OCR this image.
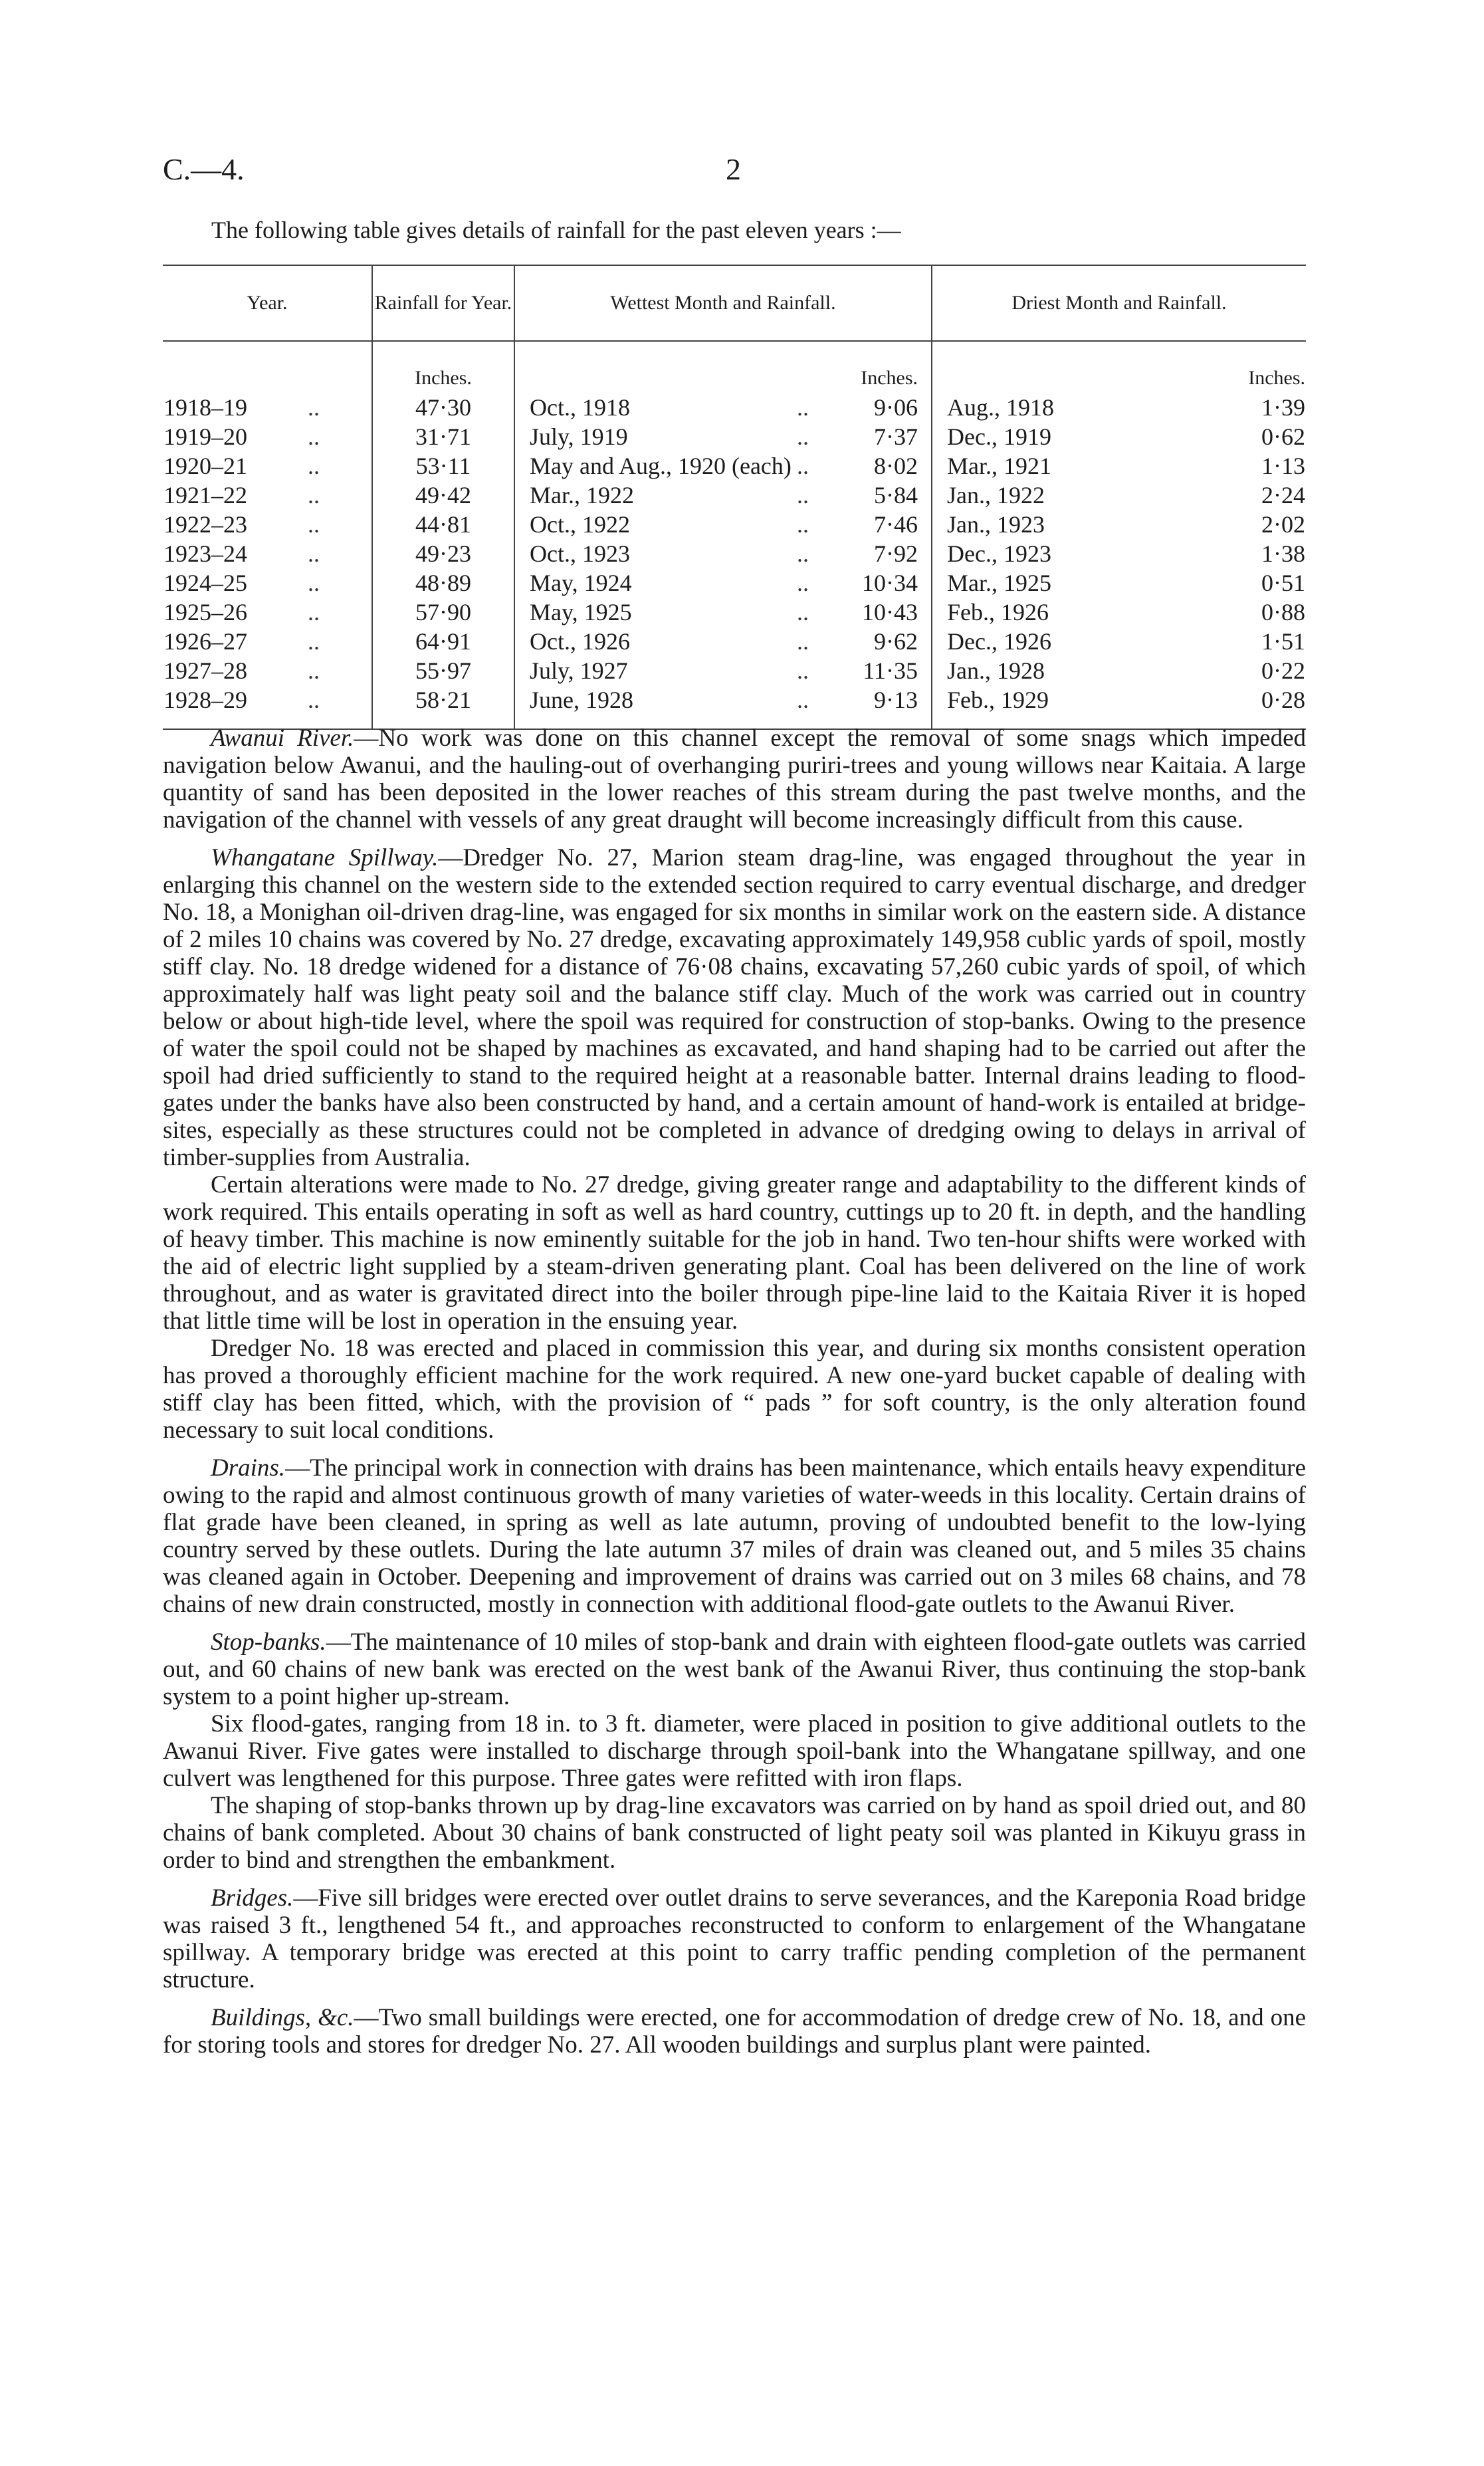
C.—4.	2
The following table gives details of rainfall for the past eleven years :—
Year.		Rainfall for Year.	Wettest Month and Rainfall.			Driest Month and Rainfall.	
		Inches.			Inches.		Inches.
1918–19	..	47·30	Oct., 1918	..	9·06	Aug., 1918	1·39
1919–20	..	31·71	July, 1919	..	7·37	Dec., 1919	0·62
1920–21	..	53·11	May and Aug., 1920 (each)	..	8·02	Mar., 1921	1·13
1921–22	..	49·42	Mar., 1922	..	5·84	Jan., 1922	2·24
1922–23	..	44·81	Oct., 1922	..	7·46	Jan., 1923	2·02
1923–24	..	49·23	Oct., 1923	..	7·92	Dec., 1923	1·38
1924–25	..	48·89	May, 1924	..	10·34	Mar., 1925	0·51
1925–26	..	57·90	May, 1925	..	10·43	Feb., 1926	0·88
1926–27	..	64·91	Oct., 1926	..	9·62	Dec., 1926	1·51
1927–28	..	55·97	July, 1927	..	11·35	Jan., 1928	0·22
1928–29	..	58·21	June, 1928	..	9·13	Feb., 1929	0·28

Awanui River.—No work was done on this channel except the removal of some snags which impeded navigation below Awanui, and the hauling-out of overhanging puriri-trees and young willows near Kaitaia. A large quantity of sand has been deposited in the lower reaches of this stream during the past twelve months, and the navigation of the channel with vessels of any great draught will become increasingly difficult from this cause.

Whangatane Spillway.—Dredger No. 27, Marion steam drag-line, was engaged throughout the year in enlarging this channel on the western side to the extended section required to carry eventual discharge, and dredger No. 18, a Monighan oil-driven drag-line, was engaged for six months in similar work on the eastern side. A distance of 2 miles 10 chains was covered by No. 27 dredge, excavating approximately 149,958 cublic yards of spoil, mostly stiff clay. No. 18 dredge widened for a distance of 76·08 chains, excavating 57,260 cubic yards of spoil, of which approximately half was light peaty soil and the balance stiff clay. Much of the work was carried out in country below or about high-tide level, where the spoil was required for construction of stop-banks. Owing to the presence of water the spoil could not be shaped by machines as excavated, and hand shaping had to be carried out after the spoil had dried sufficiently to stand to the required height at a reasonable batter. Internal drains leading to flood-gates under the banks have also been constructed by hand, and a certain amount of hand-work is entailed at bridge-sites, especially as these structures could not be completed in advance of dredging owing to delays in arrival of timber-supplies from Australia.

Certain alterations were made to No. 27 dredge, giving greater range and adaptability to the different kinds of work required. This entails operating in soft as well as hard country, cuttings up to 20 ft. in depth, and the handling of heavy timber. This machine is now eminently suitable for the job in hand. Two ten-hour shifts were worked with the aid of electric light supplied by a steam-driven generating plant. Coal has been delivered on the line of work throughout, and as water is gravitated direct into the boiler through pipe-line laid to the Kaitaia River it is hoped that little time will be lost in operation in the ensuing year.

Dredger No. 18 was erected and placed in commission this year, and during six months consistent operation has proved a thoroughly efficient machine for the work required. A new one-yard bucket capable of dealing with stiff clay has been fitted, which, with the provision of “ pads ” for soft country, is the only alteration found necessary to suit local conditions.

Drains.—The principal work in connection with drains has been maintenance, which entails heavy expenditure owing to the rapid and almost continuous growth of many varieties of water-weeds in this locality. Certain drains of flat grade have been cleaned, in spring as well as late autumn, proving of undoubted benefit to the low-lying country served by these outlets. During the late autumn 37 miles of drain was cleaned out, and 5 miles 35 chains was cleaned again in October. Deepening and improvement of drains was carried out on 3 miles 68 chains, and 78 chains of new drain constructed, mostly in connection with additional flood-gate outlets to the Awanui River.

Stop-banks.—The maintenance of 10 miles of stop-bank and drain with eighteen flood-gate outlets was carried out, and 60 chains of new bank was erected on the west bank of the Awanui River, thus continuing the stop-bank system to a point higher up-stream.

Six flood-gates, ranging from 18 in. to 3 ft. diameter, were placed in position to give additional outlets to the Awanui River. Five gates were installed to discharge through spoil-bank into the Whangatane spillway, and one culvert was lengthened for this purpose. Three gates were refitted with iron flaps.

The shaping of stop-banks thrown up by drag-line excavators was carried on by hand as spoil dried out, and 80 chains of bank completed. About 30 chains of bank constructed of light peaty soil was planted in Kikuyu grass in order to bind and strengthen the embankment.

Bridges.—Five sill bridges were erected over outlet drains to serve severances, and the Kareponia Road bridge was raised 3 ft., lengthened 54 ft., and approaches reconstructed to conform to enlargement of the Whangatane spillway. A temporary bridge was erected at this point to carry traffic pending completion of the permanent structure.

Buildings, &c.—Two small buildings were erected, one for accommodation of dredge crew of No. 18, and one for storing tools and stores for dredger No. 27. All wooden buildings and surplus plant were painted.
